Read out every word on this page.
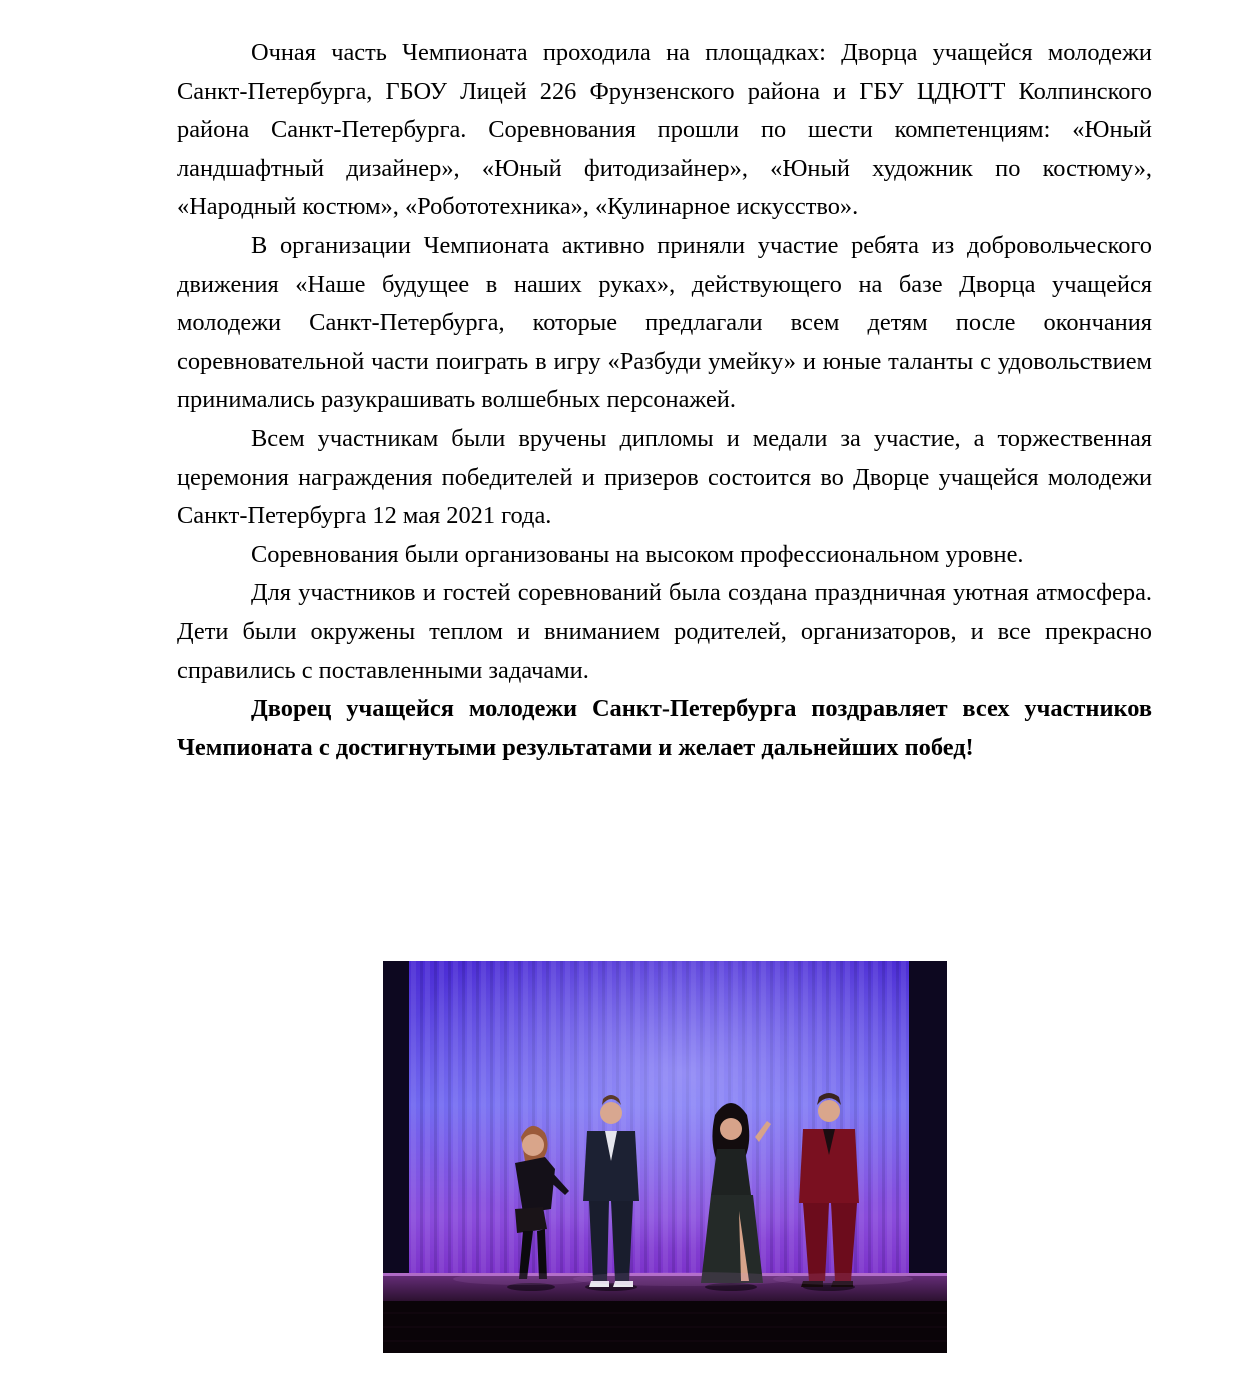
Очная часть Чемпионата проходила на площадках: Дворца учащейся молодежи Санкт-Петербурга, ГБОУ Лицей 226 Фрунзенского района и ГБУ ЦДЮТТ Колпинского района Санкт-Петербурга. Соревнования прошли по шести компетенциям: «Юный ландшафтный дизайнер», «Юный фитодизайнер», «Юный художник по костюму», «Народный костюм», «Робототехника», «Кулинарное искусство».

В организации Чемпионата активно приняли участие ребята из добровольческого движения «Наше будущее в наших руках», действующего на базе Дворца учащейся молодежи Санкт-Петербурга, которые предлагали всем детям после окончания соревновательной части поиграть в игру «Разбуди умейку» и юные таланты с удовольствием принимались разукрашивать волшебных персонажей.

Всем участникам были вручены дипломы и медали за участие, а торжественная церемония награждения победителей и призеров состоится во Дворце учащейся молодежи Санкт-Петербурга 12 мая 2021 года.

Соревнования были организованы на высоком профессиональном уровне.

Для участников и гостей соревнований была создана праздничная уютная атмосфера. Дети были окружены теплом и вниманием родителей, организаторов, и все прекрасно справились с поставленными задачами.

Дворец учащейся молодежи Санкт-Петербурга поздравляет всех участников Чемпионата с достигнутыми результатами и желает дальнейших побед!
